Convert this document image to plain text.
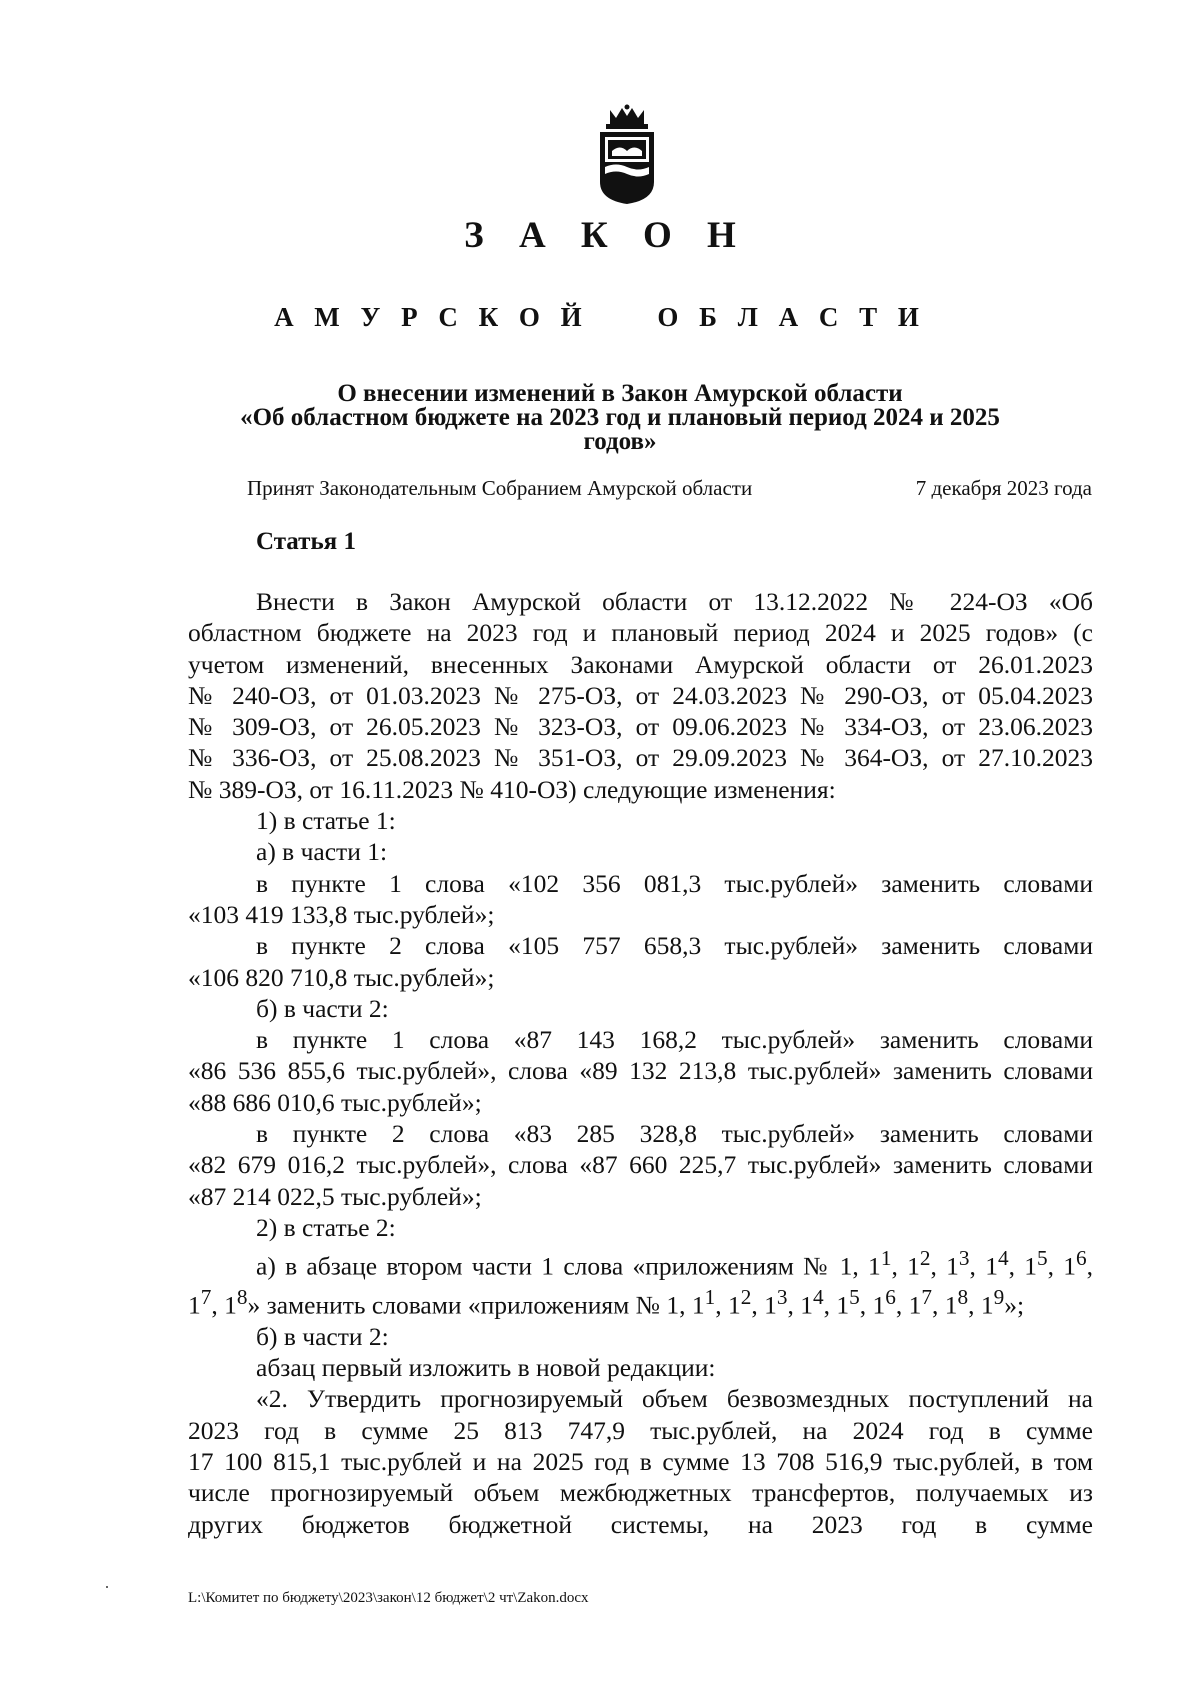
З А К О Н
А М У Р С К О Й     О Б Л А С Т И
О внесении изменений в Закон Амурской области
«Об областном бюджете на 2023 год и плановый период 2024 и 2025
годов»
Принят Законодательным Собранием Амурской области	7 декабря 2023 года
Статья 1

Внести в Закон Амурской области от 13.12.2022 № 224-ОЗ «Об

областном бюджете на 2023 год и плановый период 2024 и 2025 годов» (с

учетом изменений, внесенных Законами Амурской области от 26.01.2023

№ 240-ОЗ, от 01.03.2023 № 275-ОЗ, от 24.03.2023 № 290-ОЗ, от 05.04.2023

№ 309-ОЗ, от 26.05.2023 № 323-ОЗ, от 09.06.2023 № 334-ОЗ, от 23.06.2023

№ 336-ОЗ, от 25.08.2023 № 351-ОЗ, от 29.09.2023 № 364-ОЗ, от 27.10.2023

№ 389-ОЗ, от 16.11.2023 № 410-ОЗ) следующие изменения:

1) в статье 1:

а) в части 1:

в пункте 1 слова «102 356 081,3 тыс.рублей» заменить словами

«103 419 133,8 тыс.рублей»;

в пункте 2 слова «105 757 658,3 тыс.рублей» заменить словами

«106 820 710,8 тыс.рублей»;

б) в части 2:

в пункте 1 слова «87 143 168,2 тыс.рублей» заменить словами

«86 536 855,6 тыс.рублей», слова «89 132 213,8 тыс.рублей» заменить словами

«88 686 010,6 тыс.рублей»;

в пункте 2 слова «83 285 328,8 тыс.рублей» заменить словами

«82 679 016,2 тыс.рублей», слова «87 660 225,7 тыс.рублей» заменить словами

«87 214 022,5 тыс.рублей»;

2) в статье 2:

а) в абзаце втором части 1 слова «приложениям № 1, $1^1$, $1^2$, $1^3$, $1^4$, $1^5$, $1^6$,

$1^7$, $1^8$» заменить словами «приложениям № 1, $1^1$, $1^2$, $1^3$, $1^4$, $1^5$, $1^6$, $1^7$, $1^8$, $1^9$»;

б) в части 2:

абзац первый изложить в новой редакции:

«2. Утвердить прогнозируемый объем безвозмездных поступлений на

2023 год в сумме 25 813 747,9 тыс.рублей, на 2024 год в сумме

17 100 815,1 тыс.рублей и на 2025 год в сумме 13 708 516,9 тыс.рублей, в том

числе прогнозируемый объем межбюджетных трансфертов, получаемых из

других бюджетов бюджетной системы, на 2023 год в сумме

L:\Комитет по бюджету\2023\закон\12 бюджет\2 чт\Zakon.docx
